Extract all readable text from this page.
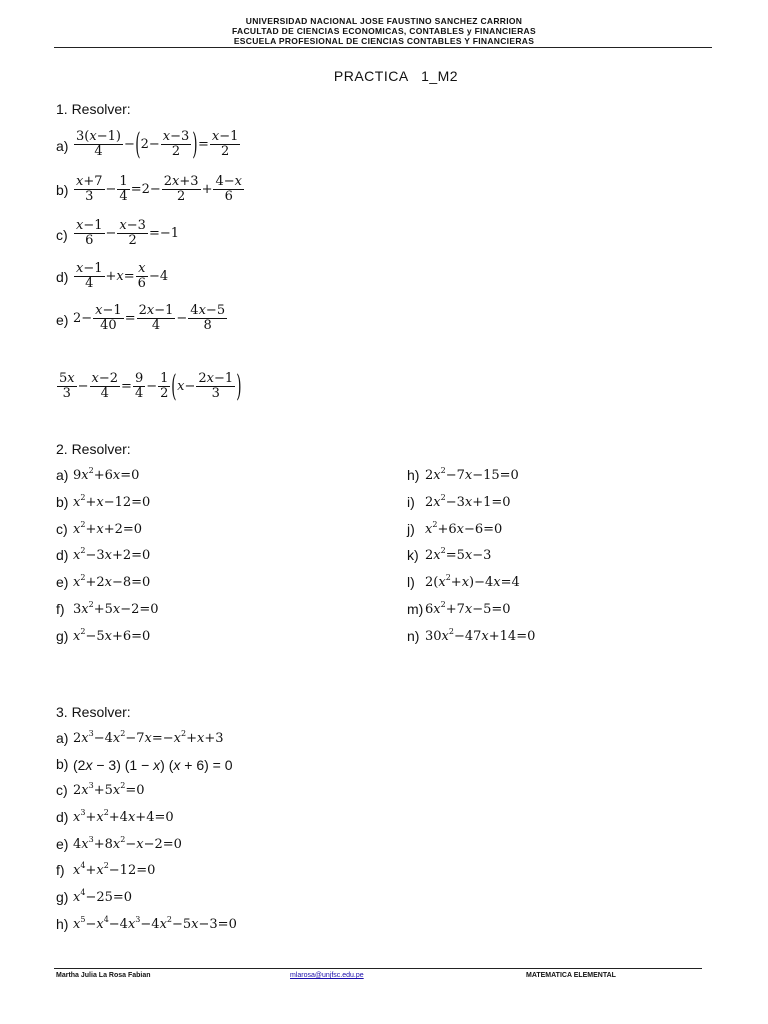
UNIVERSIDAD NACIONAL JOSE FAUSTINO SANCHEZ CARRION
FACULTAD DE CIENCIAS ECONOMICAS, CONTABLES y FINANCIERAS
ESCUELA PROFESIONAL DE CIENCIAS CONTABLES Y FINANCIERAS
PRACTICA   1_M2
1. Resolver:
$a) \frac{3(x-1)}{4} -(2- \frac{x-3}{2}$ )= $\frac{x-1}{2}$
$b) \frac{x+7}{3} - \frac{1}{4} =2- \frac{2x+3}{2} + \frac{4-x}{6}$
$c) \frac{x-1}{6} - \frac{x-3}{2} =-1$
$d) \frac{x-1}{4} +x= \frac{x}{6} -4$
e) $2- \frac{x-1}{40} = \frac{2x-1}{4} - \frac{4x-5}{8}$
$\frac{5x}{3} - \frac{x-2}{4} = \frac{9}{4} - \frac{1}{2} (x- \frac{2x-1}{3}$ )
2. Resolver:
a) $9x^2+6x=0$
b) $x^2+x-12=0$
c) $x^2+x+2=0$
d) $x^2-3x+2=0$
e) $x^2+2x-8=0$
f) $3x^2+5x-2=0$
g) $x^2-5x+6=0$
h) $2x^2-7x-15=0$
i) $2x^2-3x+1=0$
j) $x^2+6x-6=0$
k) $2x^2=5x-3$
l) $2(x^2+x)-4x=4$
m) $6x^2+7x-5=0$
n) $30x^2-47x+14=0$
3. Resolver:
a) $2x^3-4x^2-7x=-x^2+x+3$
b) (2x − 3) (1 − x) (x + 6) = 0
c) $2x^3+5x^2=0$
d) $x^3+x^2+4x+4=0$
e) $4x^3+8x^2-x-2=0$
f) $x^4+x^2-12=0$
g) $x^4-25=0$
h) $x^5-x^4-4x^3-4x^2-5x-3=0$
Martha Julia La Rosa Fabian	mlarosa@unjfsc.edu.pe	MATEMATICA ELEMENTAL
